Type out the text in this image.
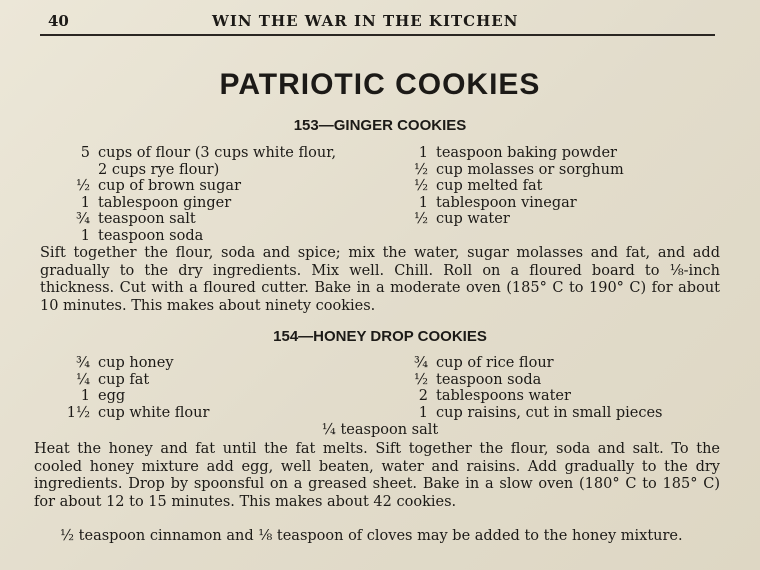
40	WIN THE WAR IN THE KITCHEN
PATRIOTIC COOKIES
153—GINGER COOKIES
5 cups of flour (3 cups white flour,
2 cups rye flour)
½ cup of brown sugar
1 tablespoon ginger
¾ teaspoon salt
1 teaspoon soda
1 teaspoon baking powder
½ cup molasses or sorghum
½ cup melted fat
1 tablespoon vinegar
½ cup water
Sift together the flour, soda and spice; mix the water, sugar molasses and fat, and add gradually to the dry ingredients. Mix well. Chill. Roll on a floured board to ⅛-inch thickness. Cut with a floured cutter. Bake in a moderate oven (185° C to 190° C) for about 10 minutes. This makes about ninety cookies.
154—HONEY DROP COOKIES
¾ cup honey
¼ cup fat
1 egg
1½ cup white flour
¾ cup of rice flour
½ teaspoon soda
2 tablespoons water
1 cup raisins, cut in small pieces
¼ teaspoon salt
Heat the honey and fat until the fat melts. Sift together the flour, soda and salt. To the cooled honey mixture add egg, well beaten, water and raisins. Add gradually to the dry ingredients. Drop by spoonsful on a greased sheet. Bake in a slow oven (180° C to 185° C) for about 12 to 15 minutes. This makes about 42 cookies.
½ teaspoon cinnamon and ⅛ teaspoon of cloves may be added to the honey mixture.
